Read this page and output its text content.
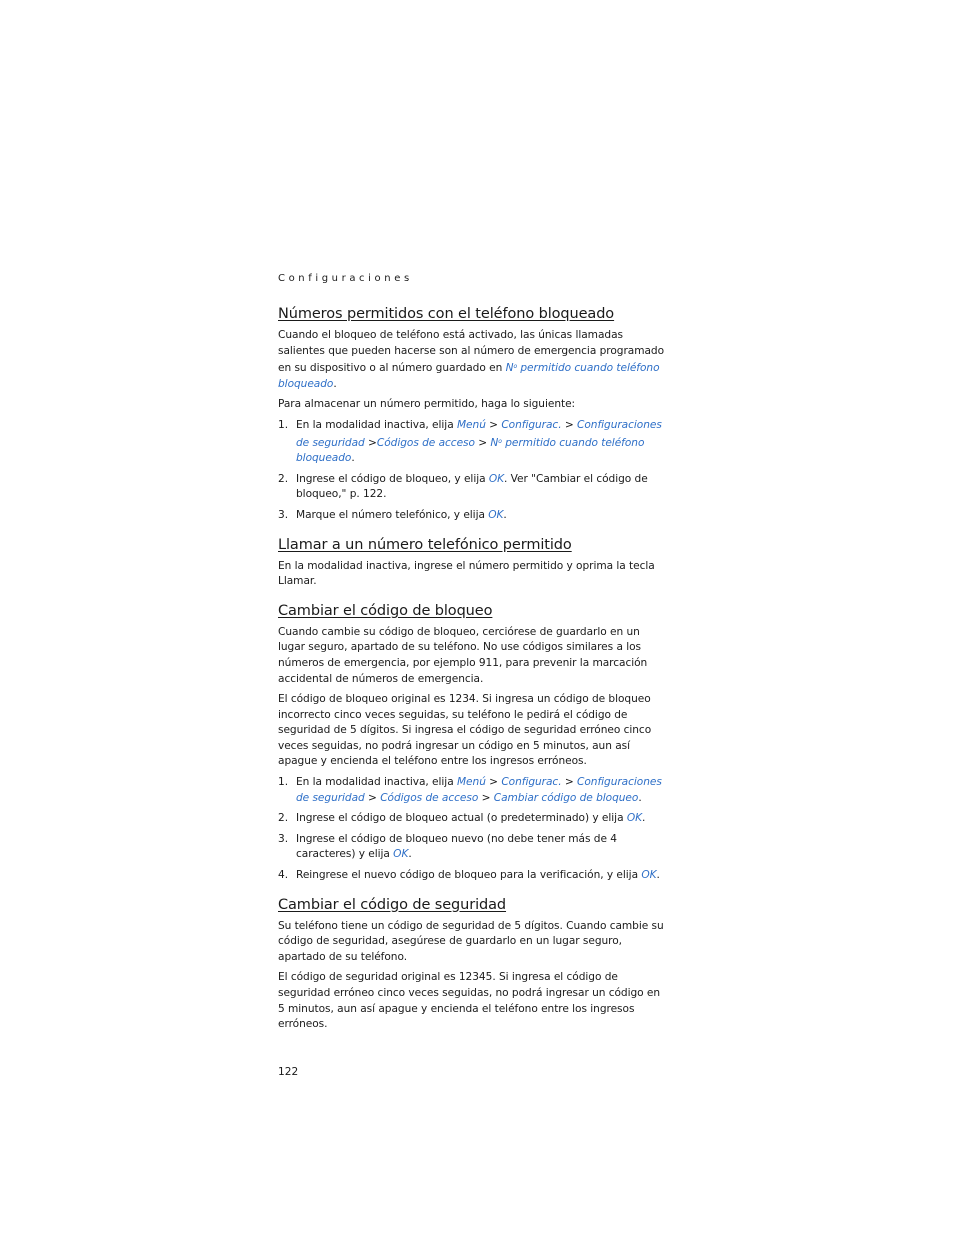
Configuraciones
Números permitidos con el teléfono bloqueado

Cuando el bloqueo de teléfono está activado, las únicas llamadas salientes que pueden hacerse son al número de emergencia programado en su dispositivo o al número guardado en $N^o$ permitido cuando teléfono bloqueado.

Para almacenar un número permitido, haga lo siguiente:

1. En la modalidad inactiva, elija Menú > Configurac. > Configuraciones de seguridad >Códigos de acceso > $N^o$ permitido cuando teléfono bloqueado.
2. Ingrese el código de bloqueo, y elija OK. Ver "Cambiar el código de bloqueo," p. 122.
3. Marque el número telefónico, y elija OK.
Llamar a un número telefónico permitido

En la modalidad inactiva, ingrese el número permitido y oprima la tecla Llamar.

Cambiar el código de bloqueo

Cuando cambie su código de bloqueo, cerciórese de guardarlo en un lugar seguro, apartado de su teléfono. No use códigos similares a los números de emergencia, por ejemplo 911, para prevenir la marcación accidental de números de emergencia.

El código de bloqueo original es 1234. Si ingresa un código de bloqueo incorrecto cinco veces seguidas, su teléfono le pedirá el código de seguridad de 5 dígitos. Si ingresa el código de seguridad erróneo cinco veces seguidas, no podrá ingresar un código en 5 minutos, aun así apague y encienda el teléfono entre los ingresos erróneos.

1. En la modalidad inactiva, elija Menú > Configurac. > Configuraciones de seguridad > Códigos de acceso > Cambiar código de bloqueo.
2. Ingrese el código de bloqueo actual (o predeterminado) y elija OK.
3. Ingrese el código de bloqueo nuevo (no debe tener más de 4 caracteres) y elija OK.
4. Reingrese el nuevo código de bloqueo para la verificación, y elija OK.
Cambiar el código de seguridad

Su teléfono tiene un código de seguridad de 5 dígitos. Cuando cambie su código de seguridad, asegúrese de guardarlo en un lugar seguro, apartado de su teléfono.

El código de seguridad original es 12345. Si ingresa el código de seguridad erróneo cinco veces seguidas, no podrá ingresar un código en 5 minutos, aun así apague y encienda el teléfono entre los ingresos erróneos.

122
